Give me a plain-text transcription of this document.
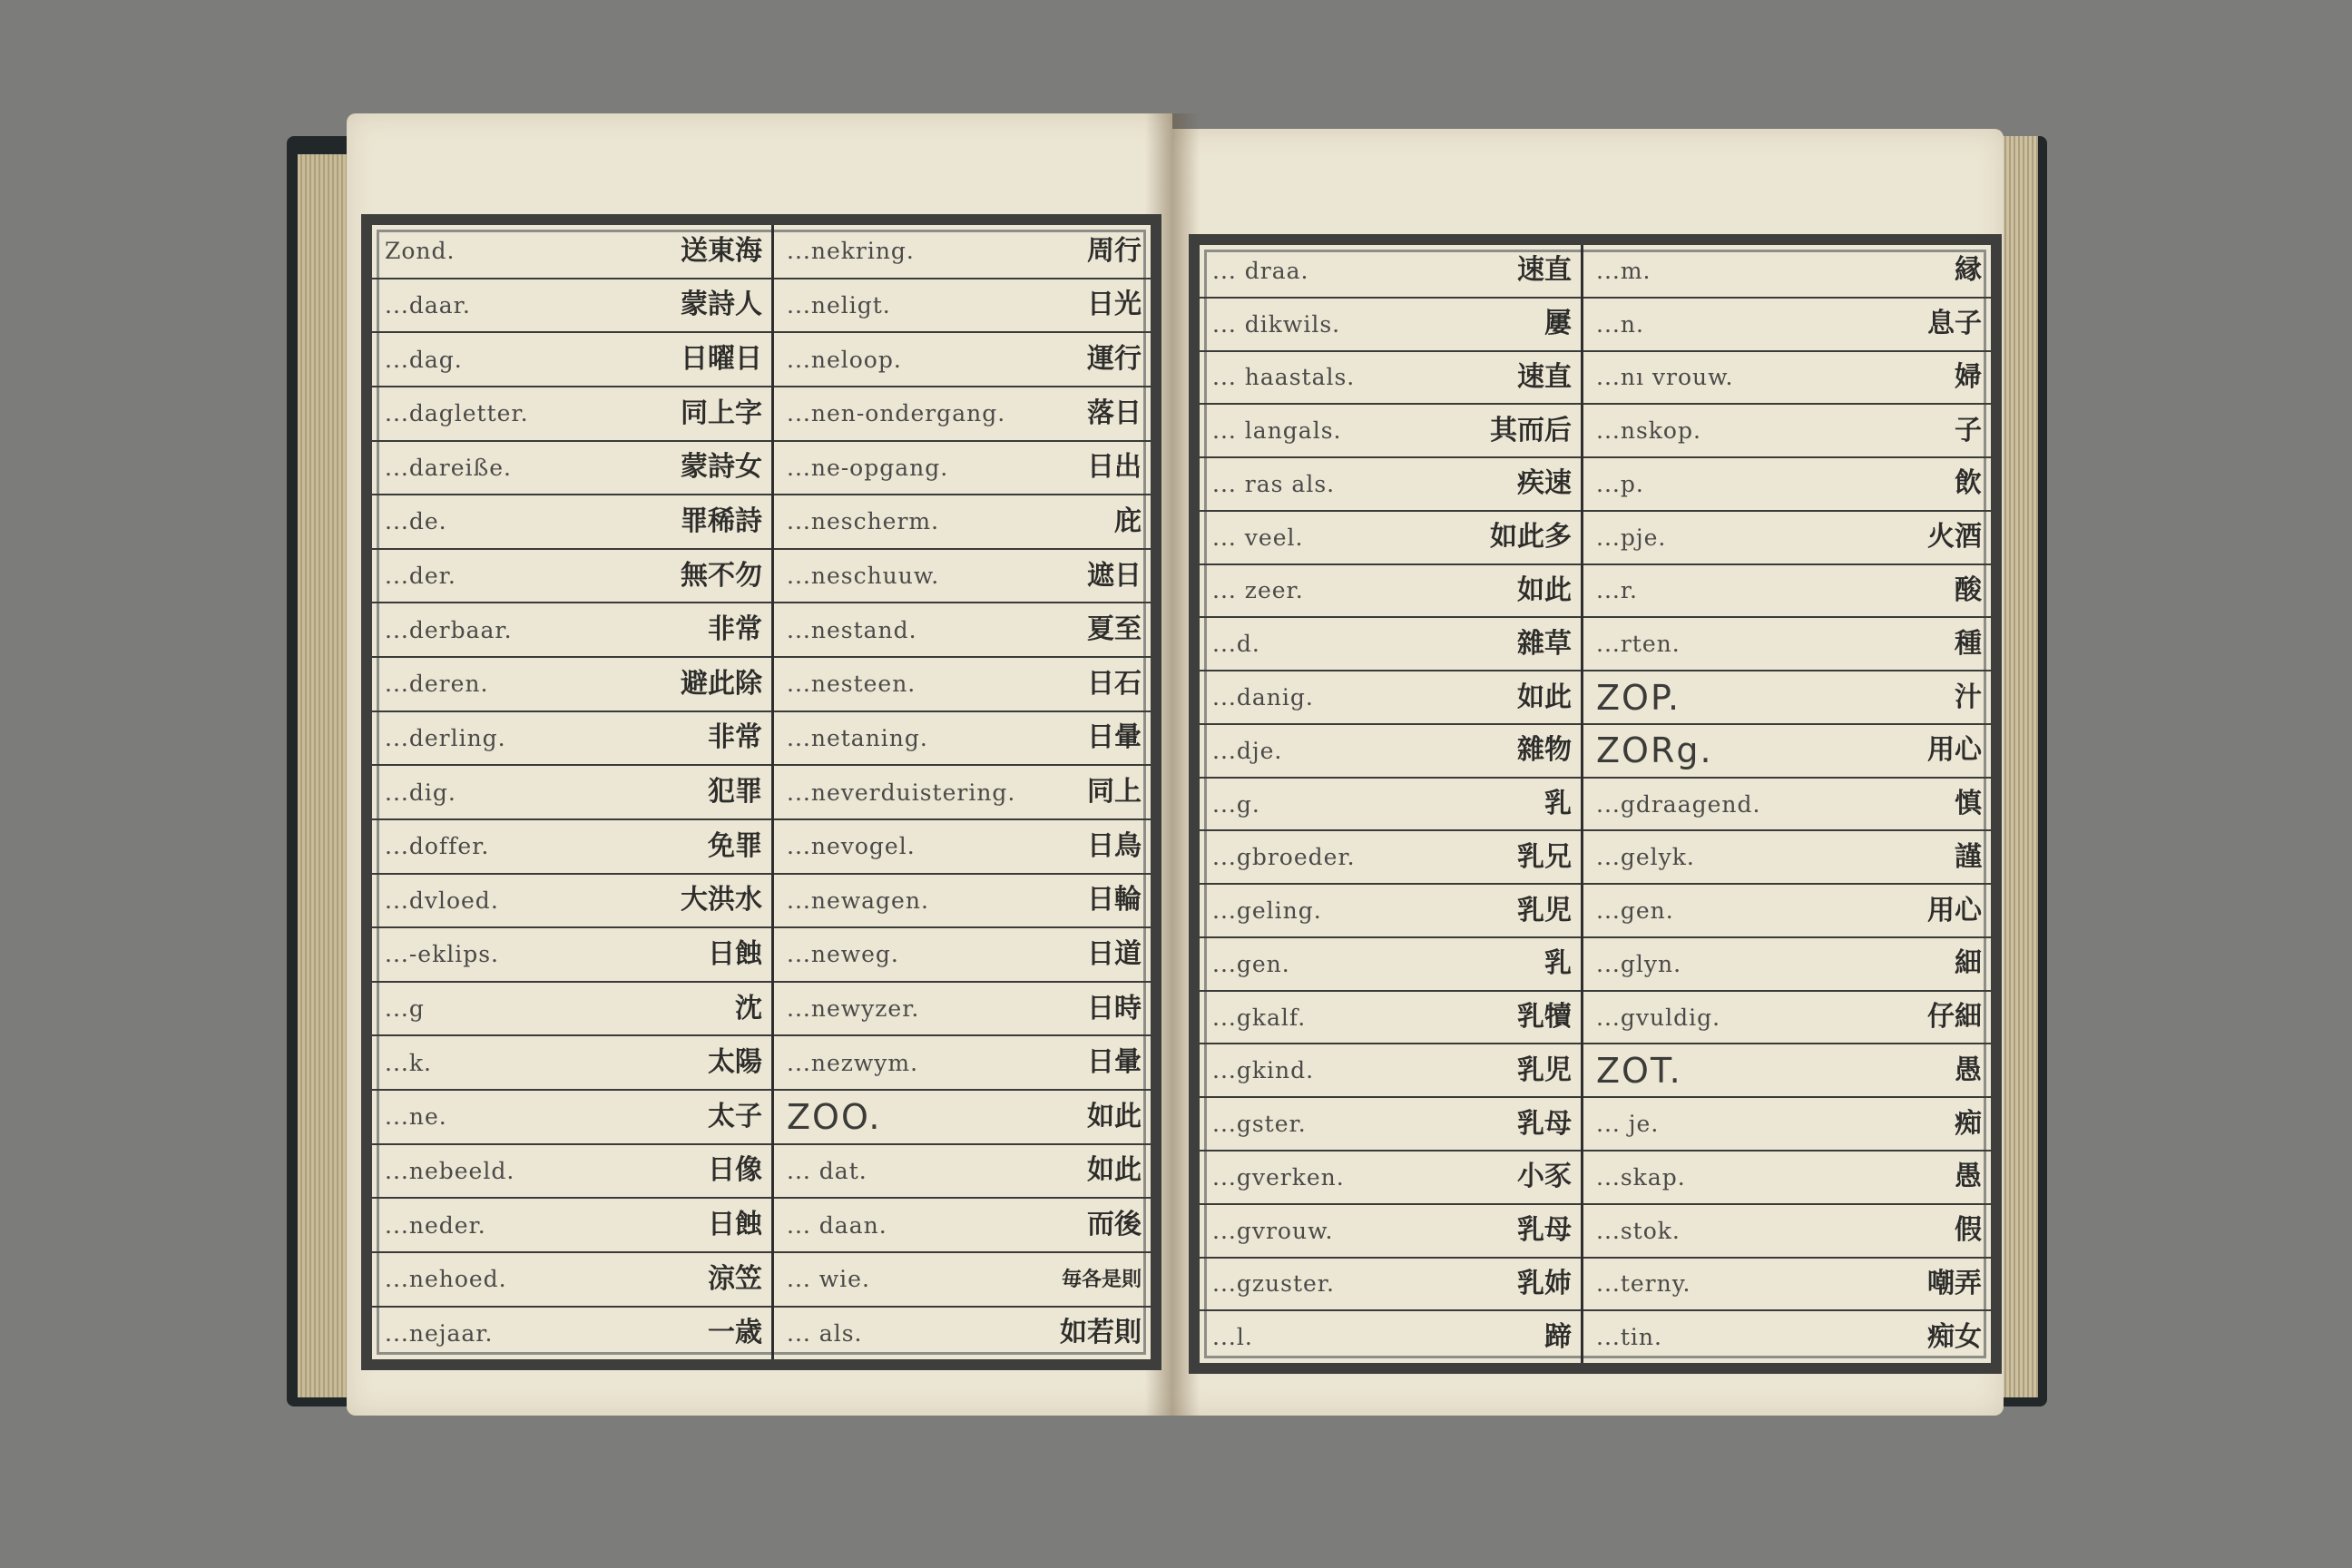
Zond.	送東海
...daar.	蒙詩人
...dag.	日曜日
...dagletter.	同上字
...dareiße.	蒙詩女
...de.	罪稀詩
...der.	無不勿
...derbaar.	非常
...deren.	避此除
...derling.	非常
...dig.	犯罪
...doffer.	免罪
...dvloed.	大洪水
...-eklips.	日蝕
...g	沈
...k.	太陽
...ne.	太子
...nebeeld.	日像
...neder.	日蝕
...nehoed.	涼笠
...nejaar.	一歳
...nekring.	周行
...neligt.	日光
...neloop.	運行
...nen-ondergang.	落日
...ne-opgang.	日出
...nescherm.	庇
...neschuuw.	遮日
...nestand.	夏至
...nesteen.	日石
...netaning.	日暈
...neverduistering.	同上
...nevogel.	日鳥
...newagen.	日輪
...neweg.	日道
...newyzer.	日時
...nezwym.	日暈
ZOO.	如此
... dat.	如此
... daan.	而後
... wie.	毎各是則
... als.	如若則
... draa.	速直
... dikwils.	屢
... haastals.	速直
... langals.	其而后
... ras als.	疾速
... veel.	如此多
... zeer.	如此
...d.	雜草
...danig.	如此
...dje.	雜物
...g.	乳
...gbroeder.	乳兄
...geling.	乳児
...gen.	乳
...gkalf.	乳犢
...gkind.	乳児
...gster.	乳母
...gverken.	小豕
...gvrouw.	乳母
...gzuster.	乳姉
...l.	蹄
...m.	縁
...n.	息子
...nı vrouw.	婦
...nskop.	子
...p.	飲
...pje.	火酒
...r.	酸
...rten.	種
ZOP.	汁
ZORg.	用心
...gdraagend.	慎
...gelyk.	謹
...gen.	用心
...glyn.	細
...gvuldig.	仔細
ZOT.	愚
... je.	痴
...skap.	愚
...stok.	假
...terny.	嘲弄
...tin.	痴女
